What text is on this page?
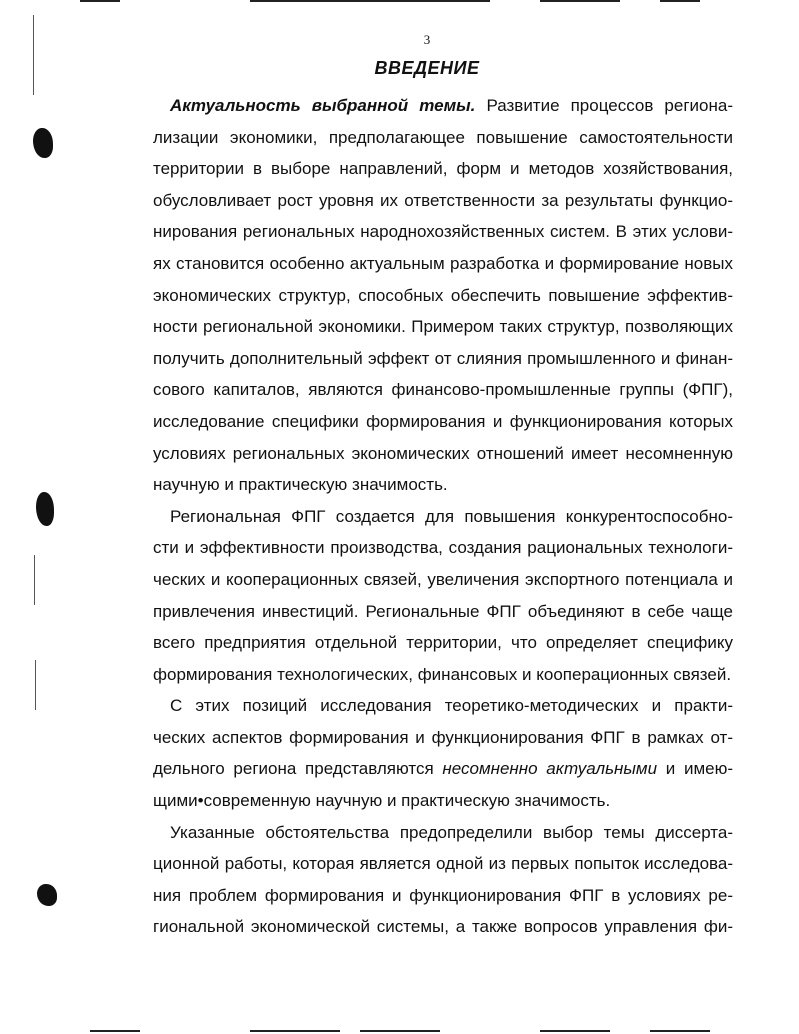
3
ВВЕДЕНИЕ
Актуальность выбранной темы. Развитие процессов региона-
лизации экономики, предполагающее повышение самостоятельности
территории в выборе направлений, форм и методов хозяйствования,
обусловливает рост уровня их ответственности за результаты функцио-
нирования региональных народнохозяйственных систем. В этих услови-
ях становится особенно актуальным разработка и формирование новых
экономических структур, способных обеспечить повышение эффектив-
ности региональной экономики. Примером таких структур, позволяющих
получить дополнительный эффект от слияния промышленного и финан-
сового капиталов, являются финансово-промышленные группы (ФПГ),
исследование специфики формирования и функционирования которых
условиях региональных экономических отношений имеет несомненную
научную и практическую значимость.
Региональная ФПГ создается для повышения конкурентоспособно-
сти и эффективности производства, создания рациональных технологи-
ческих и кооперационных связей, увеличения экспортного потенциала и
привлечения инвестиций. Региональные ФПГ объединяют в себе чаще
всего предприятия отдельной территории, что определяет специфику
формирования технологических, финансовых и кооперационных связей.
С этих позиций исследования теоретико-методических и практи-
ческих аспектов формирования и функционирования ФПГ в рамках от-
дельного региона представляются несомненно актуальными и имею-
щими•современную научную и практическую значимость.
Указанные обстоятельства предопределили выбор темы диссерта-
ционной работы, которая является одной из первых попыток исследова-
ния проблем формирования и функционирования ФПГ в условиях ре-
гиональной экономической системы, а также вопросов управления фи-
